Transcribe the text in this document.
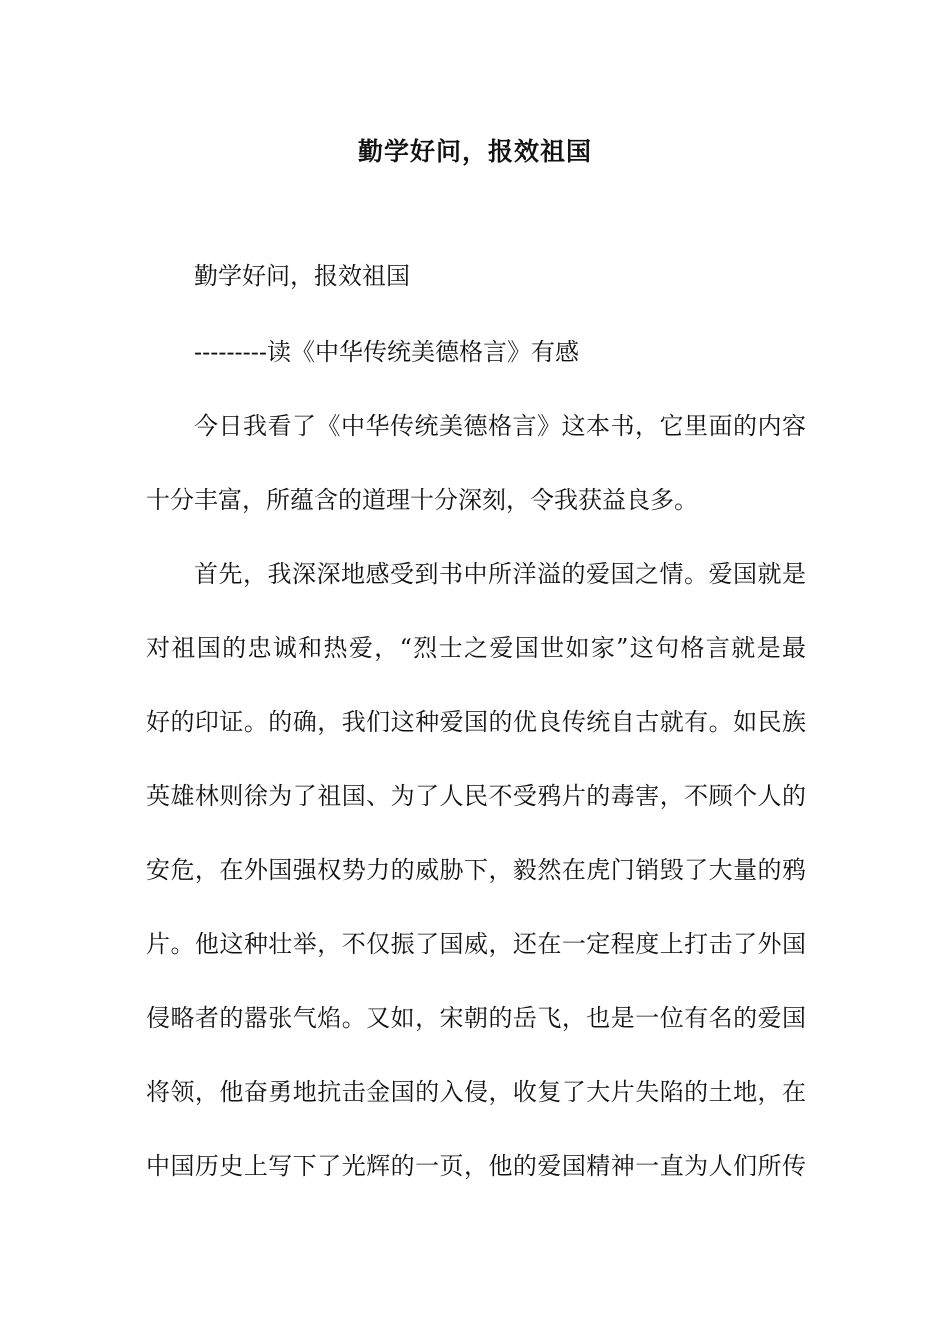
勤学好问，报效祖国
勤学好问，报效祖国
---------读《中华传统美德格言》有感
今日我看了《中华传统美德格言》这本书，它里面的内容
十分丰富，所蕴含的道理十分深刻，令我获益良多。
首先，我深深地感受到书中所洋溢的爱国之情。爱国就是
对祖国的忠诚和热爱，“烈士之爱国世如家”这句格言就是最
好的印证。的确，我们这种爱国的优良传统自古就有。如民族
英雄林则徐为了祖国、为了人民不受鸦片的毒害，不顾个人的
安危，在外国强权势力的威胁下，毅然在虎门销毁了大量的鸦
片。他这种壮举，不仅振了国威，还在一定程度上打击了外国
侵略者的嚣张气焰。又如，宋朝的岳飞，也是一位有名的爱国
将领，他奋勇地抗击金国的入侵，收复了大片失陷的土地，在
中国历史上写下了光辉的一页，他的爱国精神一直为人们所传
